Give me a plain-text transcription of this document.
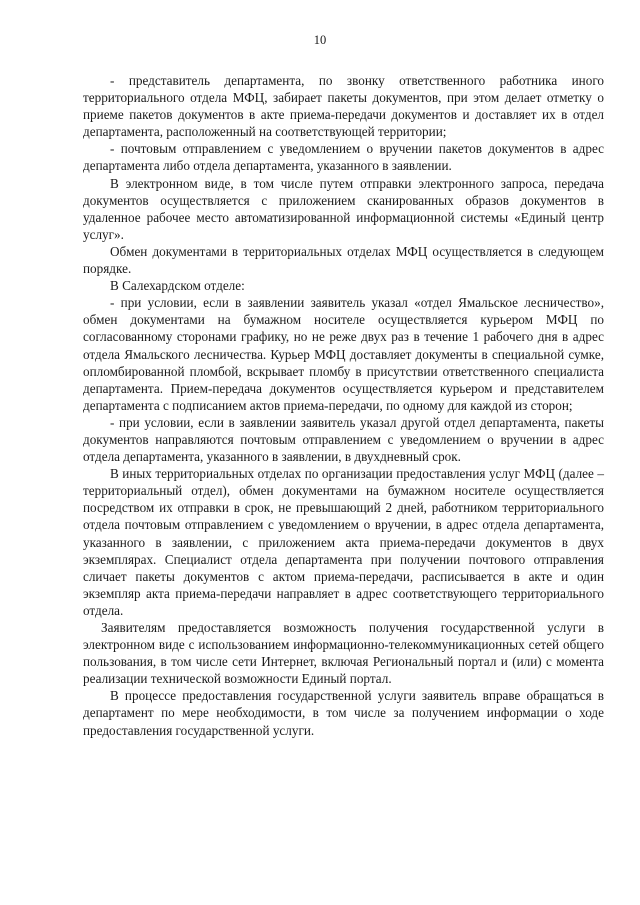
10

- представитель департамента, по звонку ответственного работника иного территориального отдела МФЦ, забирает пакеты документов, при этом делает отметку о приеме пакетов документов в акте приема-передачи документов и доставляет их в отдел департамента, расположенный на соответствующей территории;

- почтовым отправлением с уведомлением о вручении пакетов документов в адрес департамента либо отдела департамента, указанного в заявлении.

В электронном виде, в том числе путем отправки электронного запроса, передача документов осуществляется с приложением сканированных образов документов в удаленное рабочее место автоматизированной информационной системы «Единый центр услуг».

Обмен документами в территориальных отделах МФЦ осуществляется в следующем порядке.

В Салехардском отделе:

- при условии, если в заявлении заявитель указал «отдел Ямальское лесничество», обмен документами на бумажном носителе осуществляется курьером МФЦ по согласованному сторонами графику, но не реже двух раз в течение 1 рабочего дня в адрес отдела Ямальского лесничества. Курьер МФЦ доставляет документы в специальной сумке, опломбированной пломбой, вскрывает пломбу в присутствии ответственного специалиста департамента. Прием-передача документов осуществляется курьером и представителем департамента с подписанием актов приема-передачи, по одному для каждой из сторон;

- при условии, если в заявлении заявитель указал другой отдел департамента, пакеты документов направляются почтовым отправлением с уведомлением о вручении в адрес отдела департамента, указанного в заявлении, в двухдневный срок.

В иных территориальных отделах по организации предоставления услуг МФЦ (далее – территориальный отдел), обмен документами на бумажном носителе осуществляется посредством их отправки в срок, не превышающий 2 дней, работником территориального отдела почтовым отправлением с уведомлением о вручении, в адрес отдела департамента, указанного в заявлении, с приложением акта приема-передачи документов в двух экземплярах. Специалист отдела департамента при получении почтового отправления сличает пакеты документов с актом приема-передачи, расписывается в акте и один экземпляр акта приема-передачи направляет в адрес соответствующего территориального отдела.

Заявителям предоставляется возможность получения государственной услуги в электронном виде с использованием информационно-телекоммуникационных сетей общего пользования, в том числе сети Интернет, включая Региональный портал и (или) с момента реализации технической возможности Единый портал.

В процессе предоставления государственной услуги заявитель вправе обращаться в департамент по мере необходимости, в том числе за получением информации о ходе предоставления государственной услуги.
